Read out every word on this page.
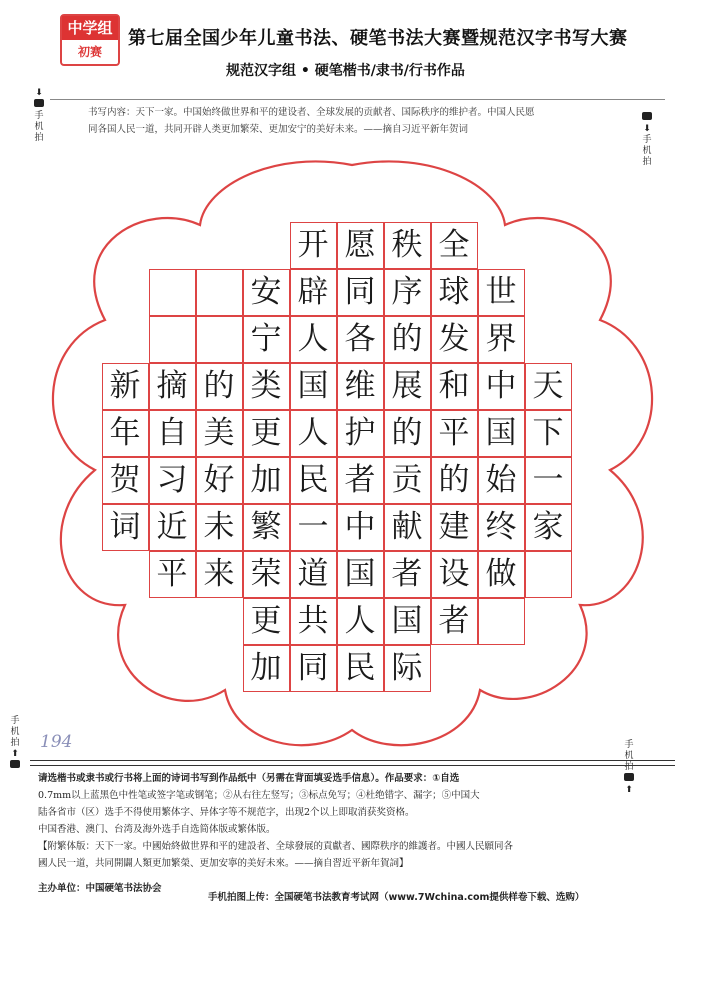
中学组
初赛
第七届全国少年儿童书法、硬笔书法大赛暨规范汉字书写大赛
规范汉字组 • 硬笔楷书/隶书/行书作品
⬇
手机拍
⬇
手机拍
手机拍
⬆
手机拍
⬆
书写内容：天下一家。中国始终做世界和平的建设者、全球发展的贡献者、国际秩序的维护者。中国人民愿
同各国人民一道，共同开辟人类更加繁荣、更加安宁的美好未来。——摘自习近平新年贺词
新
年
贺
词
摘
自
习
近
平
的
美
好
未
来
安
宁
类
更
加
繁
荣
更
加
开
辟
人
国
人
民
一
道
共
同
愿
同
各
维
护
者
中
国
人
民
秩
序
的
展
的
贡
献
者
国
际
全
球
发
和
平
的
建
设
者
世
界
中
国
始
终
做
天
下
一
家
194
请选楷书或隶书或行书将上面的诗词书写到作品纸中（另需在背面填妥选手信息）。作品要求：①自选
0.7mm以上蓝黑色中性笔或签字笔或钢笔；②从右往左竖写；③标点免写；④杜绝错字、漏字；⑤中国大
陆各省市（区）选手不得使用繁体字、异体字等不规范字，出现2个以上即取消获奖资格。
中国香港、澳门、台湾及海外选手自选简体版或繁体版。
【附繁体版：天下一家。中國始終做世界和平的建設者、全球發展的貢獻者、國際秩序的維護者。中國人民願同各
國人民一道，共同開闢人類更加繁榮、更加安寧的美好未來。——摘自習近平新年賀詞】
主办单位：中国硬笔书法协会
手机拍图上传：全国硬笔书法教育考试网（www.7Wchina.com提供样卷下载、选购）
